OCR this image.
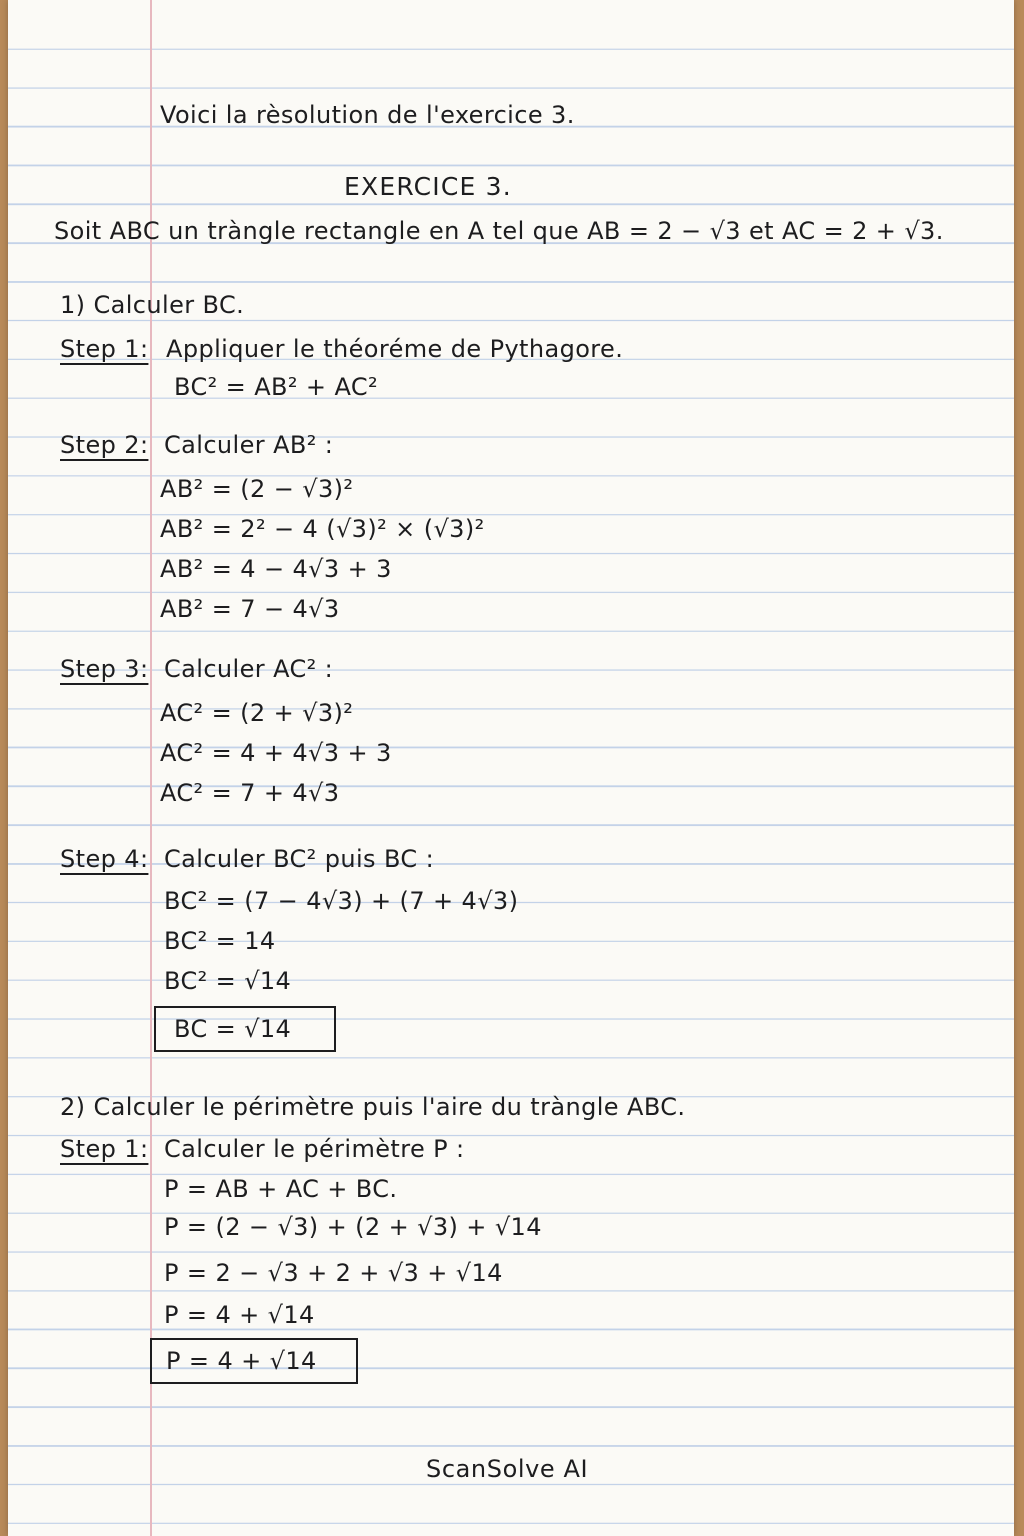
Voici la rèsolution de l'exercice 3.
EXERCICE 3.
Soit ABC un tràngle rectangle en A tel que AB = 2 − √3 et AC = 2 + √3.
1) Calculer BC.
Step 1: Appliquer le théoréme de Pythagore.
BC² = AB² + AC²
Step 2: Calculer AB² :
AB² = (2 − √3)²
AB² = 2² − 4 (√3)² × (√3)²
AB² = 4 − 4√3 + 3
AB² = 7 − 4√3
Step 3: Calculer AC² :
AC² = (2 + √3)²
AC² = 4 + 4√3 + 3
AC² = 7 + 4√3
Step 4: Calculer BC² puis BC :
BC² = (7 − 4√3) + (7 + 4√3)
BC² = 14
BC² = √14
BC = √14
2) Calculer le périmètre puis l'aire du tràngle ABC.
Step 1: Calculer le périmètre P :
P = AB + AC + BC.
P = (2 − √3) + (2 + √3) + √14
P = 2 − √3 + 2 + √3 + √14
P = 4 + √14
P = 4 + √14
ScanSolve AI
